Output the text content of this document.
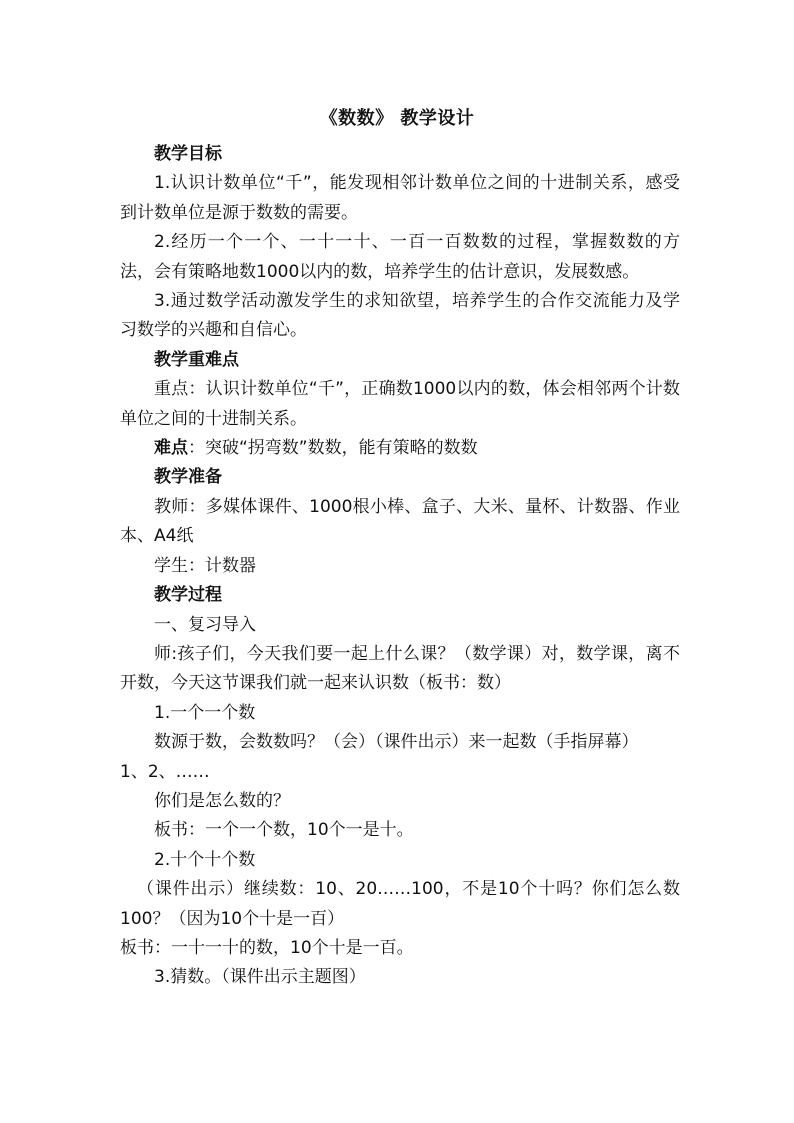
《数数》 教学设计

教学目标

1.认识计数单位“千”，能发现相邻计数单位之间的十进制关系，感受到计数单位是源于数数的需要。

2.经历一个一个、一十一十、一百一百数数的过程，掌握数数的方法，会有策略地数1000以内的数，培养学生的估计意识，发展数感。

3.通过数学活动激发学生的求知欲望，培养学生的合作交流能力及学习数学的兴趣和自信心。

教学重难点

重点：认识计数单位“千”，正确数1000以内的数，体会相邻两个计数单位之间的十进制关系。

难点：突破“拐弯数”数数，能有策略的数数

教学准备

教师：多媒体课件、1000根小棒、盒子、大米、量杯、计数器、作业本、A4纸

学生：计数器

教学过程

一、复习导入

师:孩子们，今天我们要一起上什么课？（数学课）对，数学课，离不开数，今天这节课我们就一起来认识数（板书：数）

1.一个一个数

数源于数，会数数吗？（会）（课件出示）来一起数（手指屏幕）

1、2、……

你们是怎么数的？

板书：一个一个数，10个一是十。

2.十个十个数

（课件出示）继续数：10、20……100，不是10个十吗？你们怎么数100？（因为10个十是一百）

板书：一十一十的数，10个十是一百。

3.猜数。（课件出示主题图）
